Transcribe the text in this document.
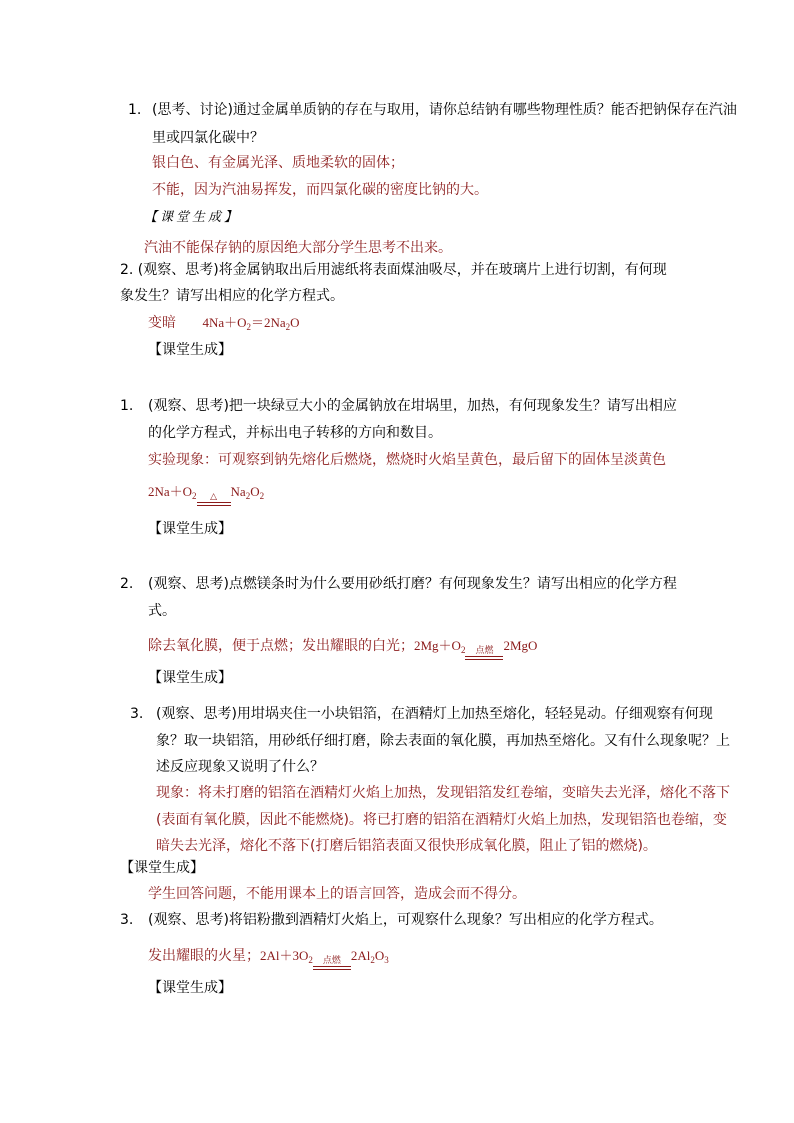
1. (思考、讨论)通过金属单质钠的存在与取用，请你总结钠有哪些物理性质？能否把钠保存在汽油
里或四氯化碳中？
银白色、有金属光泽、质地柔软的固体；
不能，因为汽油易挥发，而四氯化碳的密度比钠的大。
【课堂生成】
汽油不能保存钠的原因绝大部分学生思考不出来。
2. (观察、思考)将金属钠取出后用滤纸将表面煤油吸尽，并在玻璃片上进行切割，有何现
象发生？请写出相应的化学方程式。
变暗 $4Na+O_2=2Na_2O$
【课堂生成】
1. (观察、思考)把一块绿豆大小的金属钠放在坩埚里，加热，有何现象发生？请写出相应
的化学方程式，并标出电子转移的方向和数目。
实验现象：可观察到钠先熔化后燃烧，燃烧时火焰呈黄色，最后留下的固体呈淡黄色
$2Na+O_2$	△	$Na_2O_2$
【课堂生成】
2. (观察、思考)点燃镁条时为什么要用砂纸打磨？有何现象发生？请写出相应的化学方程
式。
除去氧化膜，便于点燃；发出耀眼的白光；$2Mg+O_2$	点燃 2MgO
【课堂生成】
3. (观察、思考)用坩埚夹住一小块铝箔，在酒精灯上加热至熔化，轻轻晃动。仔细观察有何现
象？取一块铝箔，用砂纸仔细打磨，除去表面的氧化膜，再加热至熔化。又有什么现象呢？上
述反应现象又说明了什么？
现象：将未打磨的铝箔在酒精灯火焰上加热，发现铝箔发红卷缩，变暗失去光泽，熔化不落下
(表面有氧化膜，因此不能燃烧)。将已打磨的铝箔在酒精灯火焰上加热，发现铝箔也卷缩，变
暗失去光泽，熔化不落下(打磨后铝箔表面又很快形成氧化膜，阻止了铝的燃烧)。
【课堂生成】
学生回答问题，不能用课本上的语言回答，造成会而不得分。
3. (观察、思考)将铝粉撒到酒精灯火焰上，可观察什么现象？写出相应的化学方程式。
发出耀眼的火星；$2Al+3O_2$	点燃 $2Al_2O_3$
【课堂生成】
